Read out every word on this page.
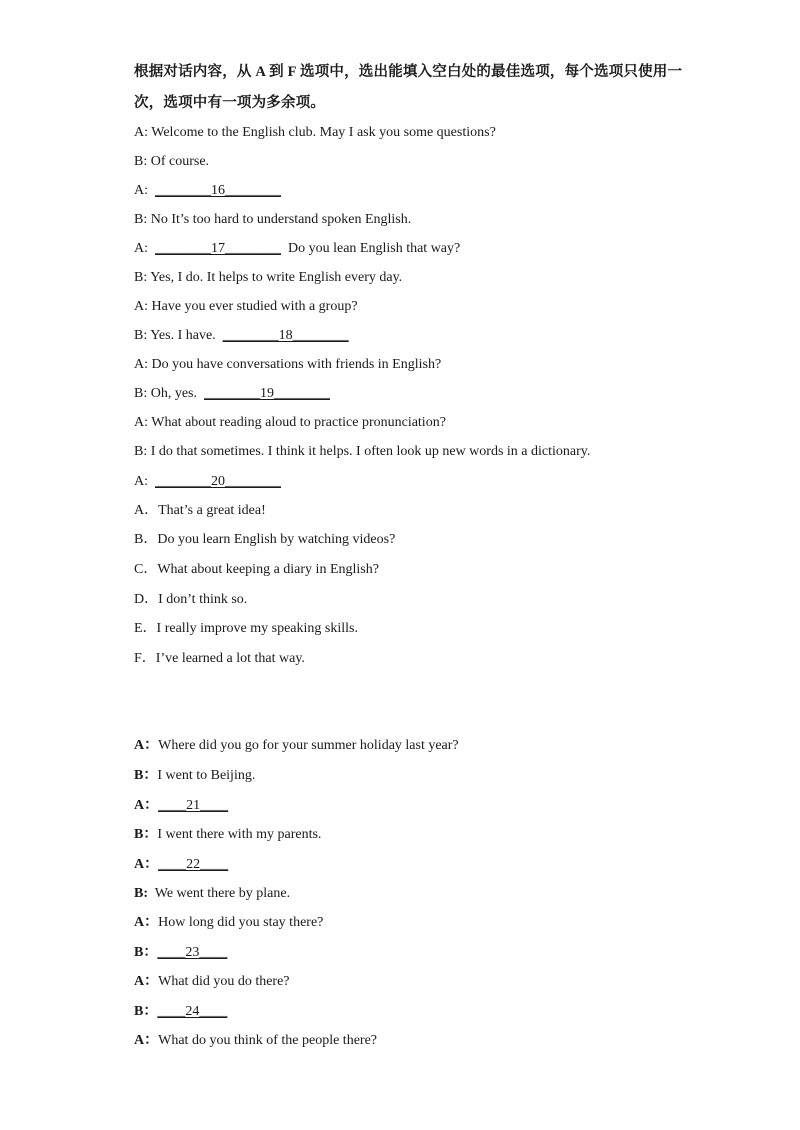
根据对话内容，从 A 到 F 选项中，选出能填入空白处的最佳选项，每个选项只使用一
次，选项中有一项为多余项。
A: Welcome to the English club. May I ask you some questions?
B: Of course.
A:  ________16________
B: No It’s too hard to understand spoken English.
A:  ________17________  Do you lean English that way?
B: Yes, I do. It helps to write English every day.
A: Have you ever studied with a group?
B: Yes. I have.  ________18________
A: Do you have conversations with friends in English?
B: Oh, yes.  ________19________
A: What about reading aloud to practice pronunciation?
B: I do that sometimes. I think it helps. I often look up new words in a dictionary.
A:  ________20________
A．That’s a great idea!
B．Do you learn English by watching videos?
C．What about keeping a diary in English?
D．I don’t think so.
E．I really improve my speaking skills.
F．I’ve learned a lot that way.
A：Where did you go for your summer holiday last year?
B：I went to Beijing.
A：____21____
B：I went there with my parents.
A：____22____
B:  We went there by plane.
A：How long did you stay there?
B：____23____
A：What did you do there?
B：____24____
A：What do you think of the people there?
